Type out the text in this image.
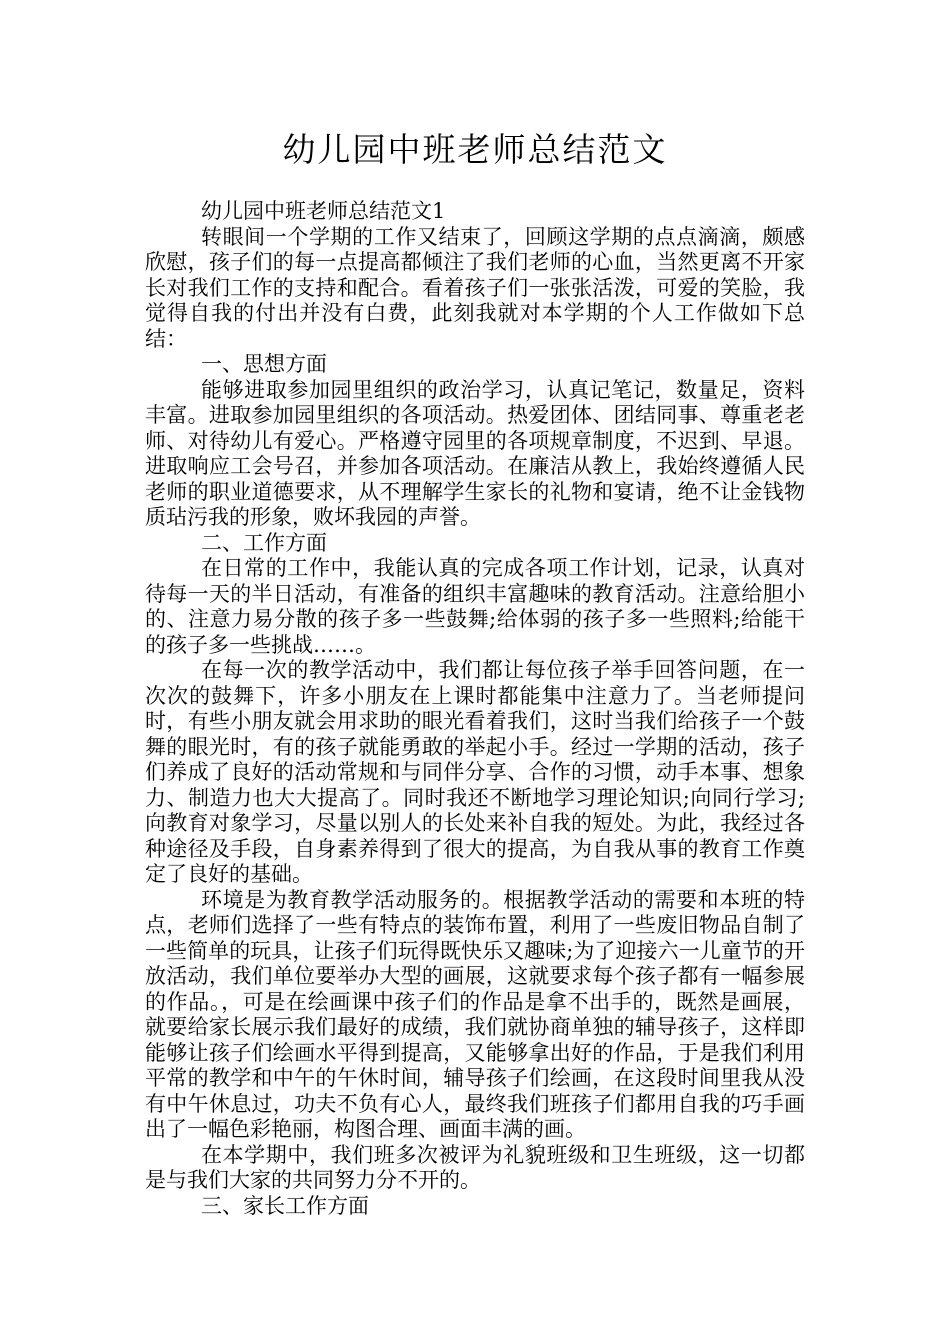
幼儿园中班老师总结范文

幼儿园中班老师总结范文1

转眼间一个学期的工作又结束了，回顾这学期的点点滴滴，颇感欣慰，孩子们的每一点提高都倾注了我们老师的心血，当然更离不开家长对我们工作的支持和配合。看着孩子们一张张活泼，可爱的笑脸，我觉得自我的付出并没有白费，此刻我就对本学期的个人工作做如下总结：

一、思想方面

能够进取参加园里组织的政治学习，认真记笔记，数量足，资料丰富。进取参加园里组织的各项活动。热爱团体、团结同事、尊重老老师、对待幼儿有爱心。严格遵守园里的各项规章制度，不迟到、早退。进取响应工会号召，并参加各项活动。在廉洁从教上，我始终遵循人民老师的职业道德要求，从不理解学生家长的礼物和宴请，绝不让金钱物质玷污我的形象，败坏我园的声誉。

二、工作方面

在日常的工作中，我能认真的完成各项工作计划，记录，认真对待每一天的半日活动，有准备的组织丰富趣味的教育活动。注意给胆小的、注意力易分散的孩子多一些鼓舞;给体弱的孩子多一些照料;给能干的孩子多一些挑战……。

在每一次的教学活动中，我们都让每位孩子举手回答问题，在一次次的鼓舞下，许多小朋友在上课时都能集中注意力了。当老师提问时，有些小朋友就会用求助的眼光看着我们，这时当我们给孩子一个鼓舞的眼光时，有的孩子就能勇敢的举起小手。经过一学期的活动，孩子们养成了良好的活动常规和与同伴分享、合作的习惯，动手本事、想象力、制造力也大大提高了。同时我还不断地学习理论知识;向同行学习;向教育对象学习，尽量以别人的长处来补自我的短处。为此，我经过各种途径及手段，自身素养得到了很大的提高，为自我从事的教育工作奠定了良好的基础。

环境是为教育教学活动服务的。根据教学活动的需要和本班的特点，老师们选择了一些有特点的装饰布置，利用了一些废旧物品自制了一些简单的玩具，让孩子们玩得既快乐又趣味;为了迎接六一儿童节的开放活动，我们单位要举办大型的画展，这就要求每个孩子都有一幅参展的作品。，可是在绘画课中孩子们的作品是拿不出手的，既然是画展，就要给家长展示我们最好的成绩，我们就协商单独的辅导孩子，这样即能够让孩子们绘画水平得到提高，又能够拿出好的作品，于是我们利用平常的教学和中午的午休时间，辅导孩子们绘画，在这段时间里我从没有中午休息过，功夫不负有心人，最终我们班孩子们都用自我的巧手画出了一幅色彩艳丽，构图合理、画面丰满的画。

在本学期中，我们班多次被评为礼貌班级和卫生班级，这一切都是与我们大家的共同努力分不开的。

三、家长工作方面
